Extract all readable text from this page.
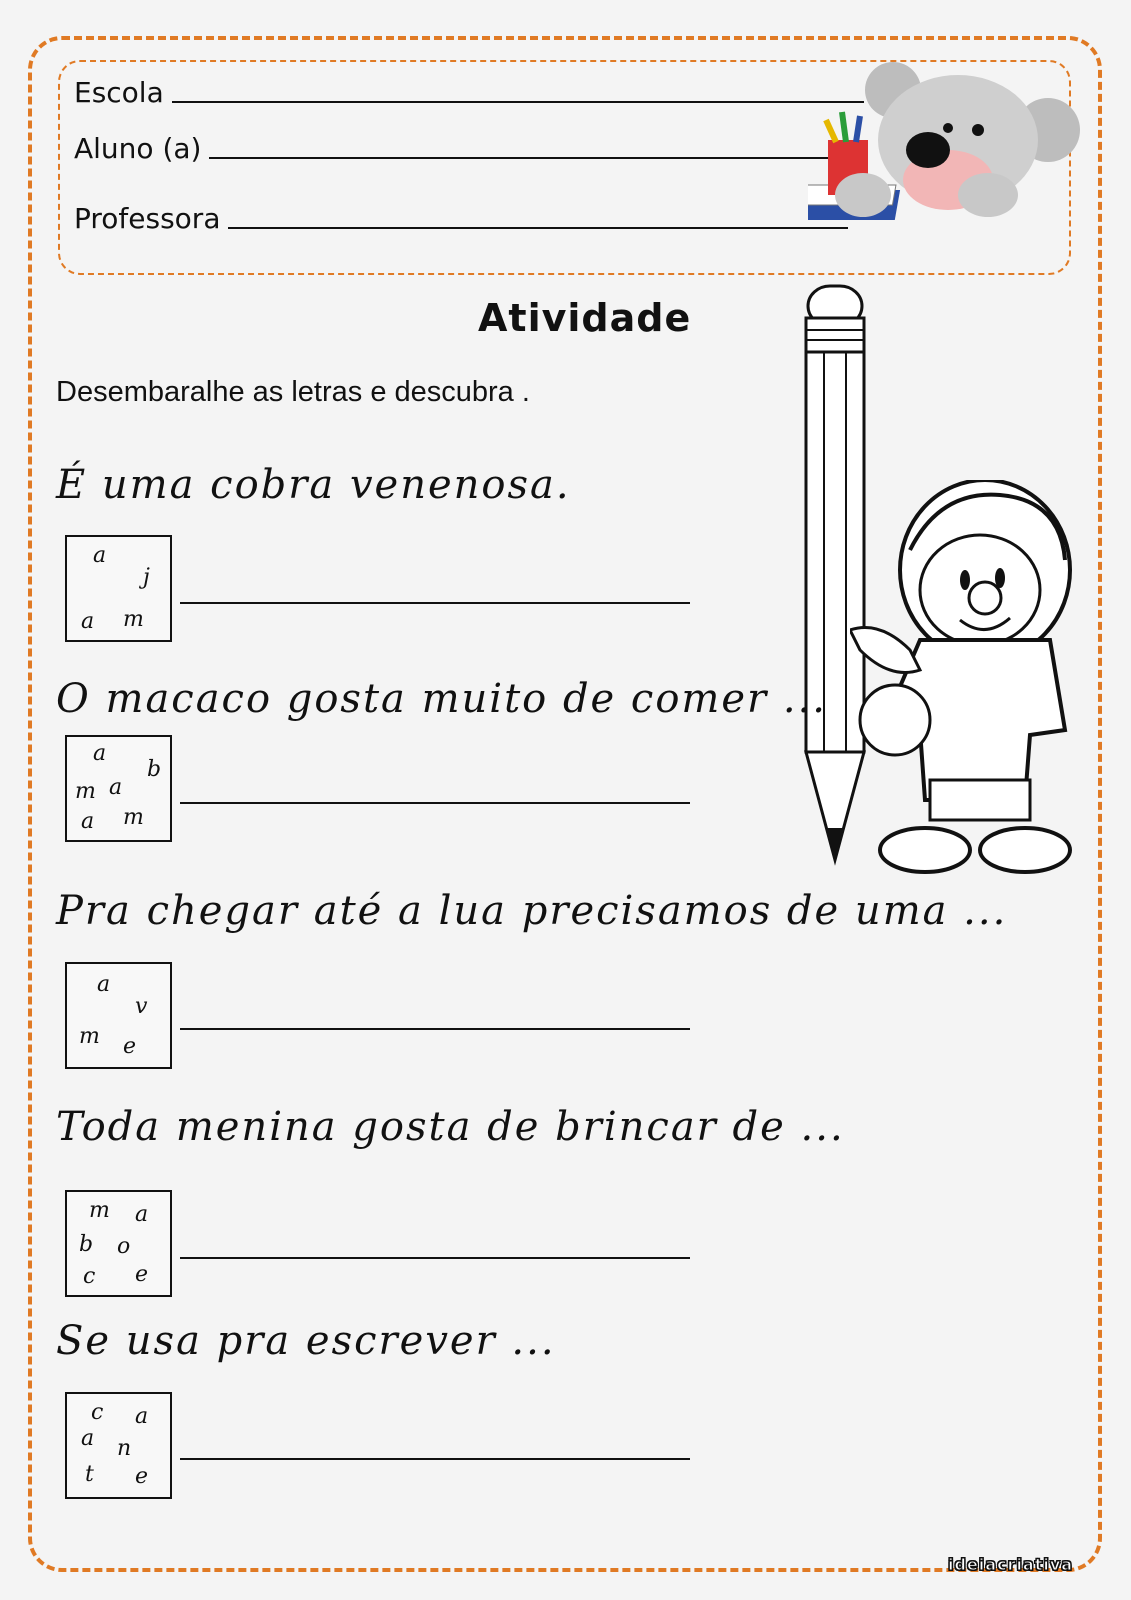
Escola
Aluno (a)
Professora
Atividade
Desembaralhe as letras e descubra .
É uma cobra venenosa.
a
j
a m
O macaco gosta muito de comer ...
a
b
m a
a m
Pra chegar até a lua precisamos de uma ...
a
v
m e
Toda menina gosta de brincar de ...
m a
b o
c e
Se usa pra escrever ...
c a
a n
t e
ideiacriativa
